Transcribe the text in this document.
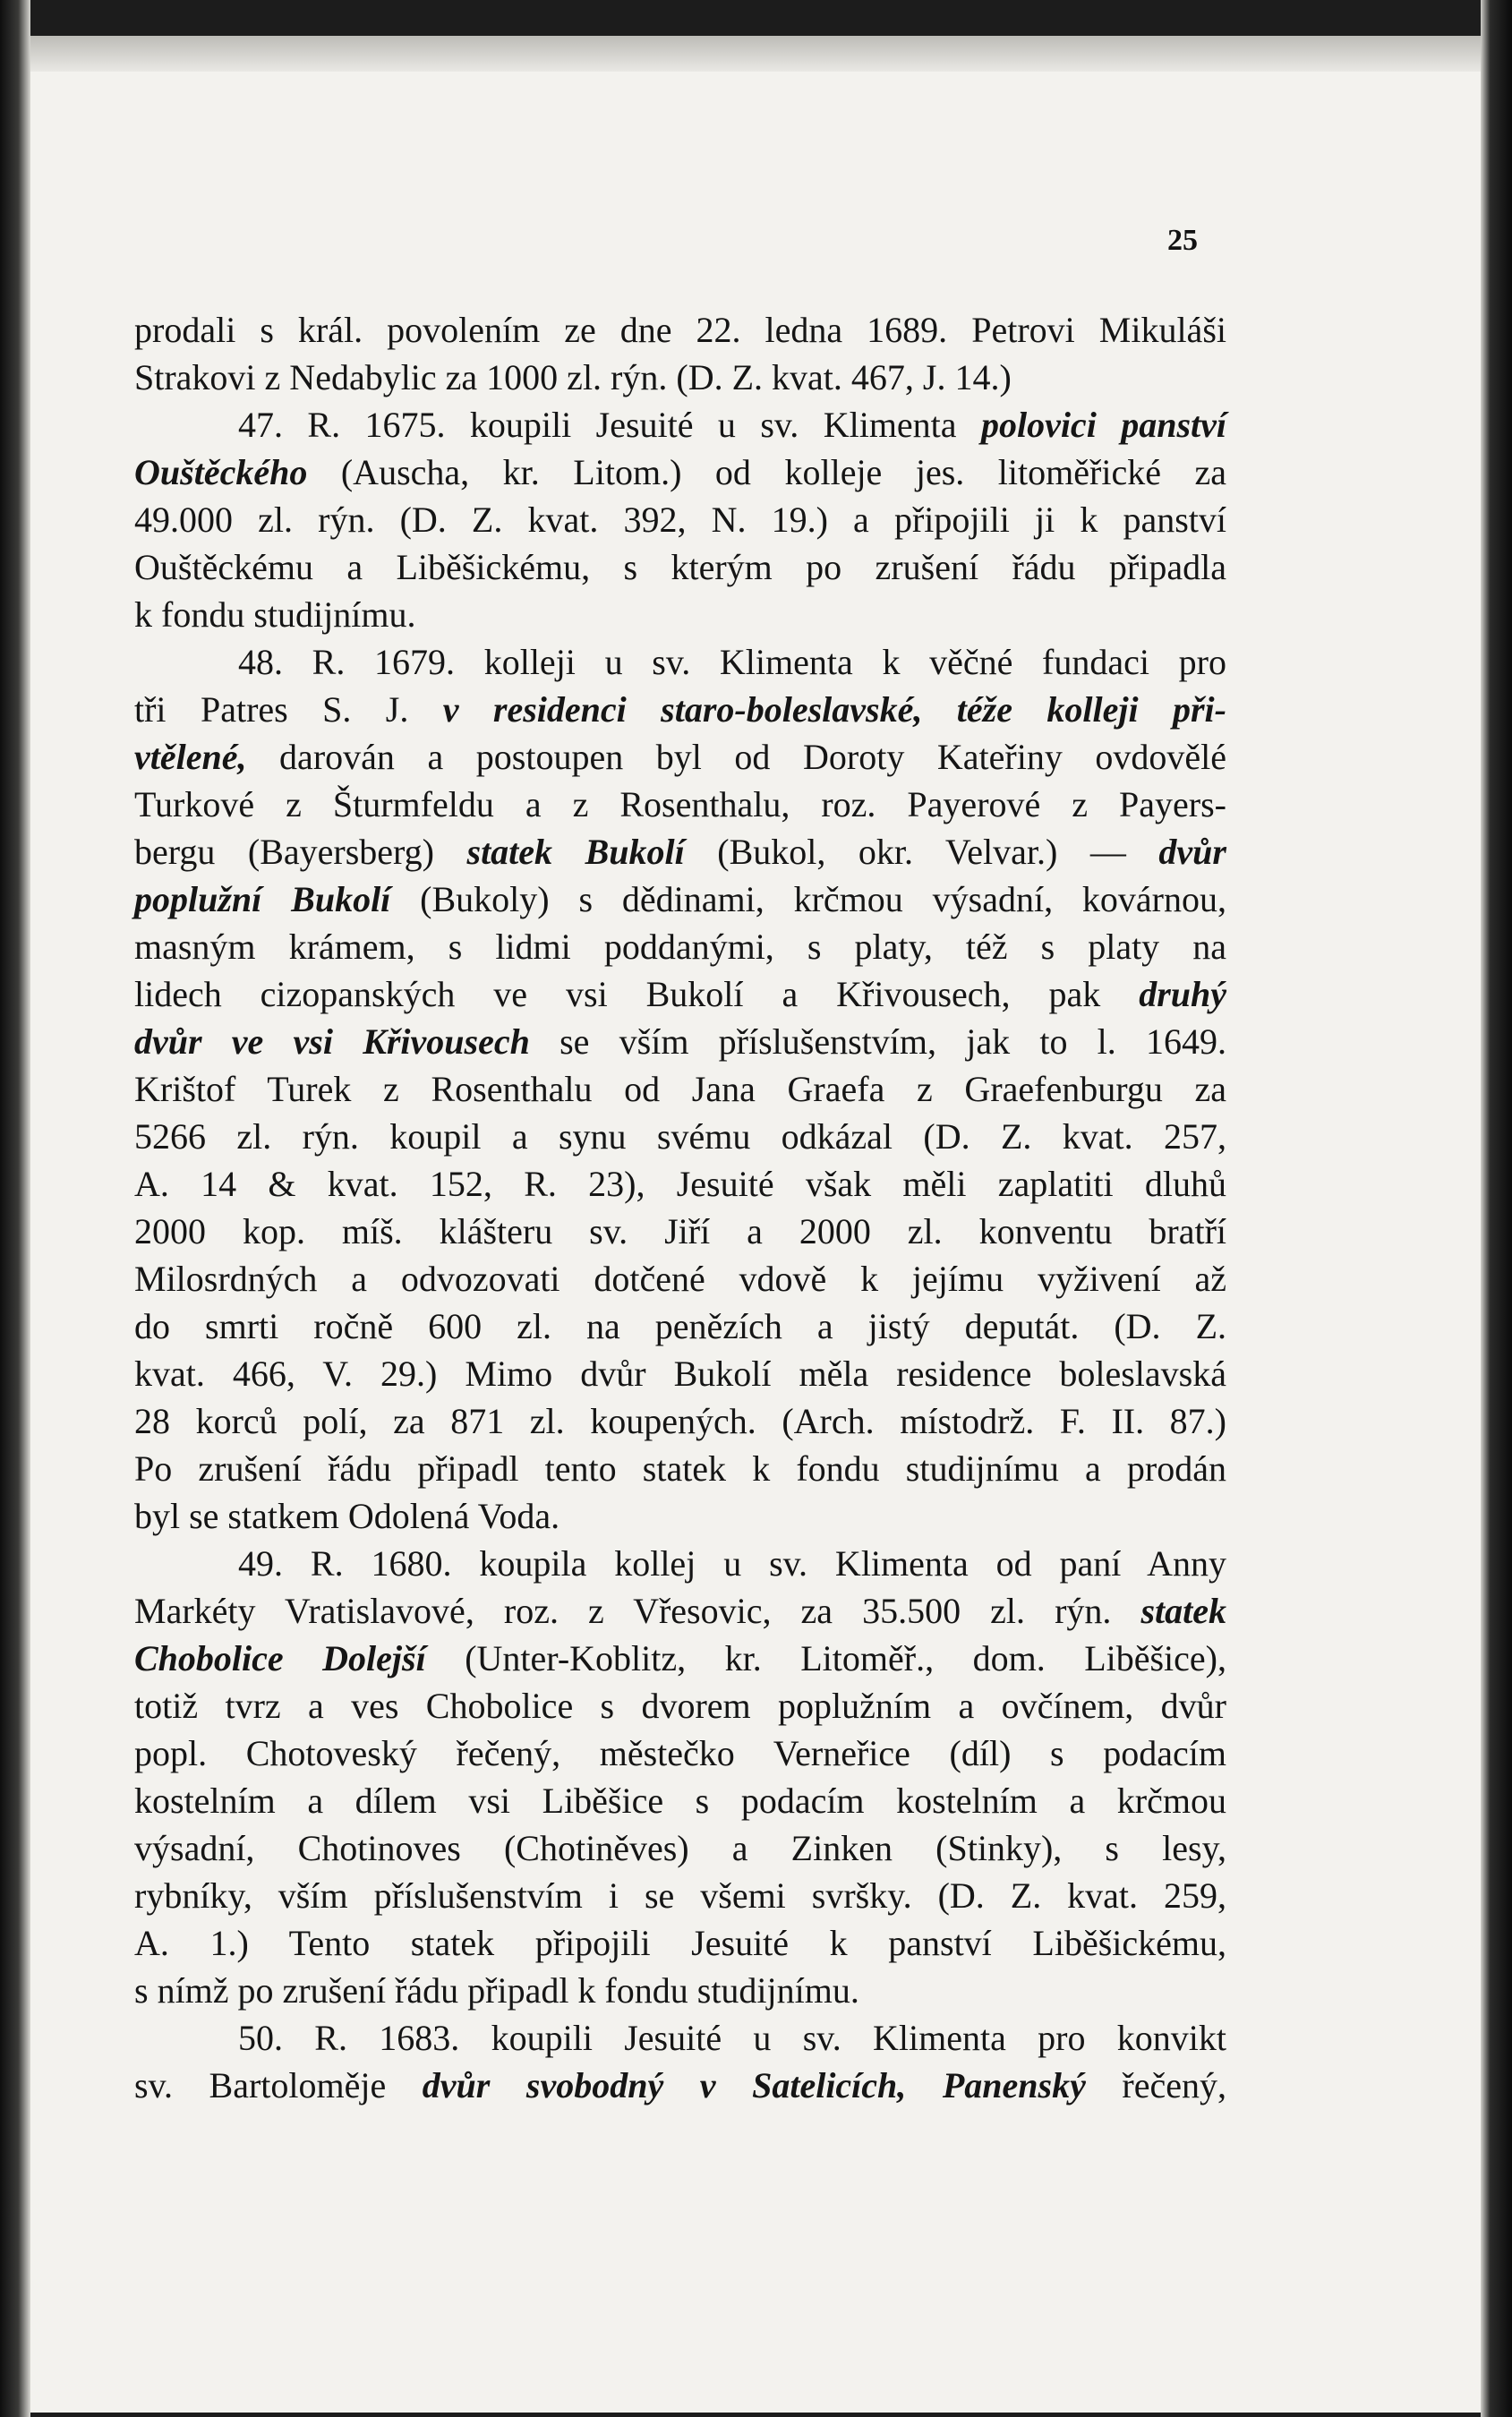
25
prodali s král. povolením ze dne 22. ledna 1689. Petrovi Mikuláši
Strakovi z Nedabylic za 1000 zl. rýn. (D. Z. kvat. 467, J. 14.)
47. R. 1675. koupili Jesuité u sv. Klimenta polovici panství
Ouštěckého (Auscha, kr. Litom.) od kolleje jes. litoměřické za
49.000 zl. rýn. (D. Z. kvat. 392, N. 19.) a připojili ji k panství
Ouštěckému a Liběšickému, s kterým po zrušení řádu připadla
k fondu studijnímu.
48. R. 1679. kolleji u sv. Klimenta k věčné fundaci pro
tři Patres S. J. v residenci staro-boleslavské, téže kolleji při-
vtělené, darován a postoupen byl od Doroty Kateřiny ovdovělé
Turkové z Šturmfeldu a z Rosenthalu, roz. Payerové z Payers-
bergu (Bayersberg) statek Bukolí (Bukol, okr. Velvar.) — dvůr
poplužní Bukolí (Bukoly) s dědinami, krčmou výsadní, kovárnou,
masným krámem, s lidmi poddanými, s platy, též s platy na
lidech cizopanských ve vsi Bukolí a Křivousech, pak druhý
dvůr ve vsi Křivousech se vším příslušenstvím, jak to l. 1649.
Krištof Turek z Rosenthalu od Jana Graefa z Graefenburgu za
5266 zl. rýn. koupil a synu svému odkázal (D. Z. kvat. 257,
A. 14 & kvat. 152, R. 23), Jesuité však měli zaplatiti dluhů
2000 kop. míš. klášteru sv. Jiří a 2000 zl. konventu bratří
Milosrdných a odvozovati dotčené vdově k jejímu vyživení až
do smrti ročně 600 zl. na penězích a jistý deputát. (D. Z.
kvat. 466, V. 29.) Mimo dvůr Bukolí měla residence boleslavská
28 korců polí, za 871 zl. koupených. (Arch. místodrž. F. II. 87.)
Po zrušení řádu připadl tento statek k fondu studijnímu a prodán
byl se statkem Odolená Voda.
49. R. 1680. koupila kollej u sv. Klimenta od paní Anny
Markéty Vratislavové, roz. z Vřesovic, za 35.500 zl. rýn. statek
Chobolice Dolejší (Unter-Koblitz, kr. Litoměř., dom. Liběšice),
totiž tvrz a ves Chobolice s dvorem poplužním a ovčínem, dvůr
popl. Chotoveský řečený, městečko Verneřice (díl) s podacím
kostelním a dílem vsi Liběšice s podacím kostelním a krčmou
výsadní, Chotinoves (Chotiněves) a Zinken (Stinky), s lesy,
rybníky, vším příslušenstvím i se všemi svršky. (D. Z. kvat. 259,
A. 1.) Tento statek připojili Jesuité k panství Liběšickému,
s nímž po zrušení řádu připadl k fondu studijnímu.
50. R. 1683. koupili Jesuité u sv. Klimenta pro konvikt
sv. Bartoloměje dvůr svobodný v Satelicích, Panenský řečený,
